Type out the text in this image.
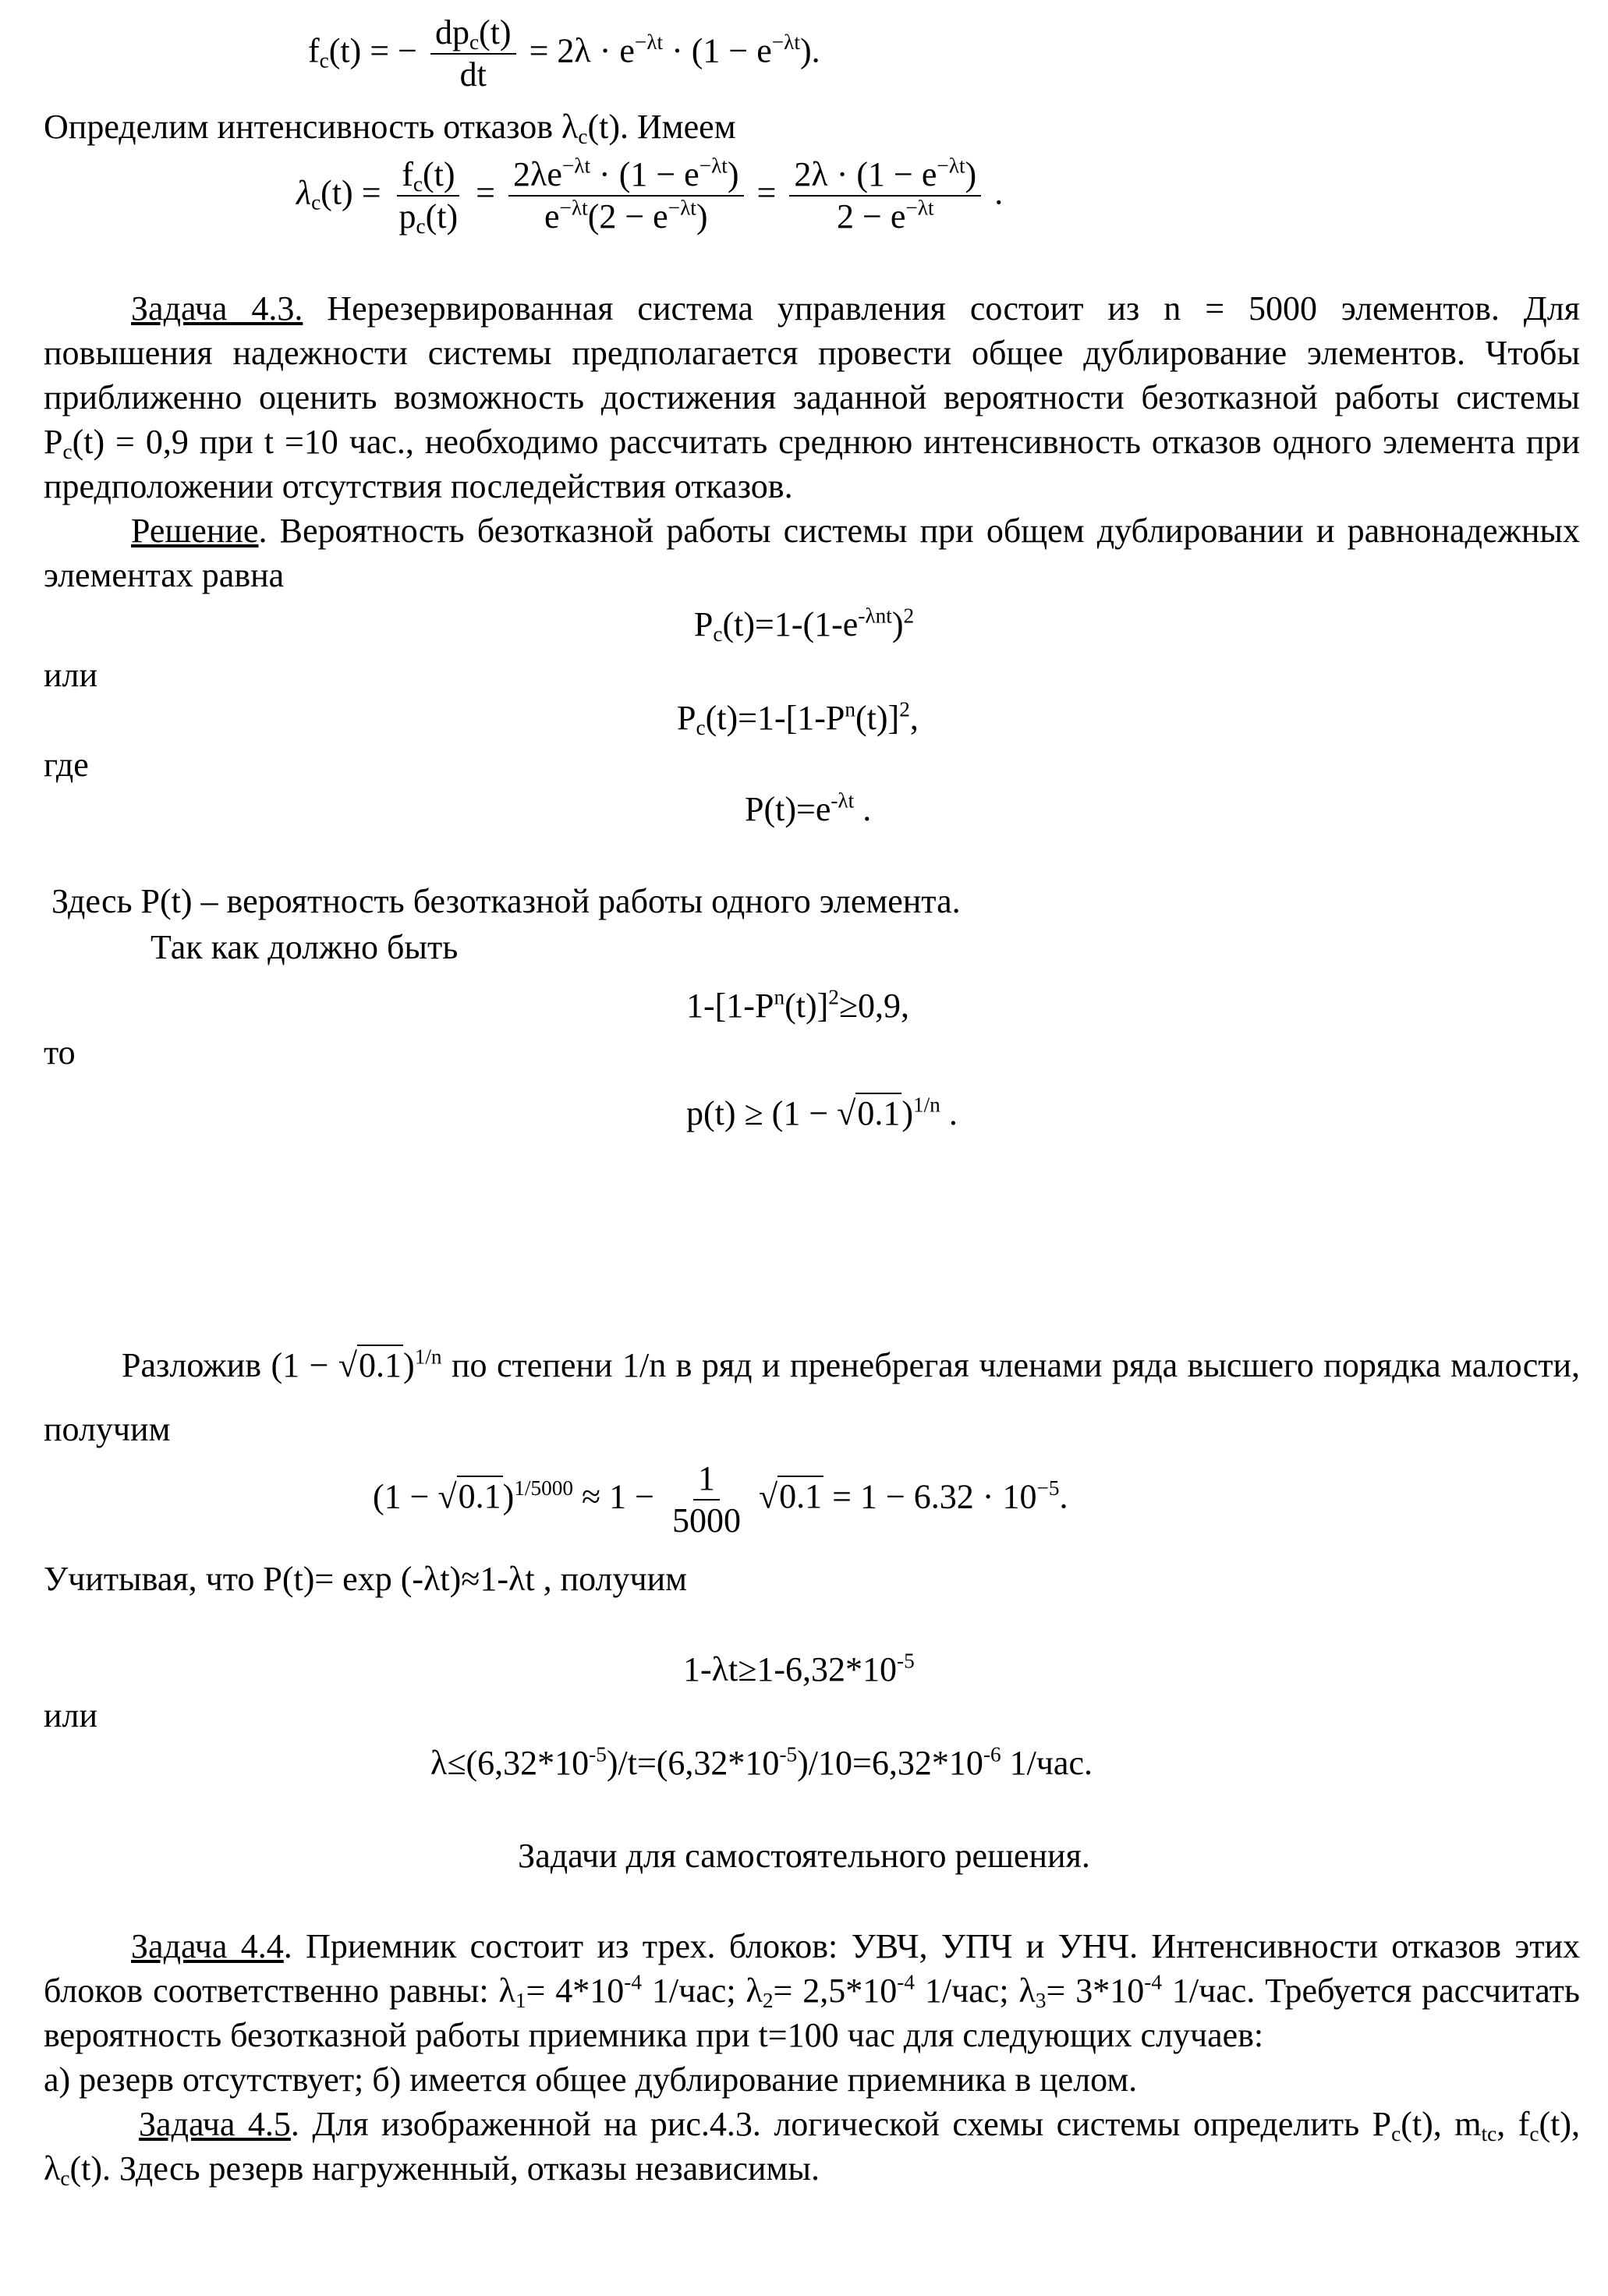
$f_c(t)$ = − $\frac{dp_c(t)}{dt} = 2\lambda \cdot e^{-\lambda t} \cdot (1 - e^{-\lambda t})$.
Определим интенсивность отказов $\lambda_c(t)$. Имеем
$\lambda_c(t) = \frac{f_c(t)}{p_c(t)} = \frac{2\lambda e^{-\lambda t} \cdot (1 - e^{-\lambda t})}{e^{-\lambda t}(2 - e^{-\lambda t})} = \frac{2\lambda \cdot (1 - e^{-\lambda t})}{2 - e^{-\lambda t}}$ .

Задача 4.3. Нерезервированная система управления состоит из n = 5000 элементов. Для повышения надежности системы предполагается провести общее дублирование элементов. Чтобы приближенно оценить возможность достижения заданной вероятности безотказной работы системы $P_c(t) = 0,9$ при t =10 час., необходимо рассчитать среднюю интенсивность отказов одного элемента при предположении отсутствия последействия отказов.

Решение. Вероятность безотказной работы системы при общем дублировании и равнонадежных элементах равна

$P_c(t)=1-(1-e^{-\lambda nt})^2$
или
$P_c(t)=1-[1-P^n(t)]^2$,
где
$P(t)=e^{-\lambda t}$ .
Здесь P(t) – вероятность безотказной работы одного элемента.
Так как должно быть
$1-[1-P^n(t)]^2\ge 0,9$,
то
$p(t) \ge (1 - √0.1)^{1/n}$ .

Разложив $(1 - √0.1)^{1/n}$ по степени 1/n в ряд и пренебрегая членами ряда высшего порядка малости, получим

$(1 - √0.1)^{1/5000} \approx 1 - \frac{1}{5000} √0.1 = 1 - 6.32 \cdot 10^{-5}$.
Учитывая, что P(t)= exp (-λt)≈1-λt , получим
$1-\lambda t\ge 1-6,32*10^{-5}$
или
$\lambda\le(6,32*10^{-5})/t=(6,32*10^{-5})/10=6,32*10^{-6}$ 1/час.
Задачи для самостоятельного решения.

Задача 4.4. Приемник состоит из трех. блоков: УВЧ, УПЧ и УНЧ. Интенсивности отказов этих блоков соответственно равны: $\lambda_1= 4*10^{-4}$ 1/час; $\lambda_2= 2,5*10^{-4}$ 1/час; $\lambda_3= 3*10^{-4}$ 1/час. Требуется рассчитать вероятность безотказной работы приемника при t=100 час для следующих случаев:

а) резерв отсутствует; б) имеется общее дублирование приемника в целом.

Задача 4.5. Для изображенной на рис.4.3. логической схемы системы определить $P_c(t)$, $m_{tc}$, $f_c(t)$, $\lambda_c(t)$. Здесь резерв нагруженный, отказы независимы.
